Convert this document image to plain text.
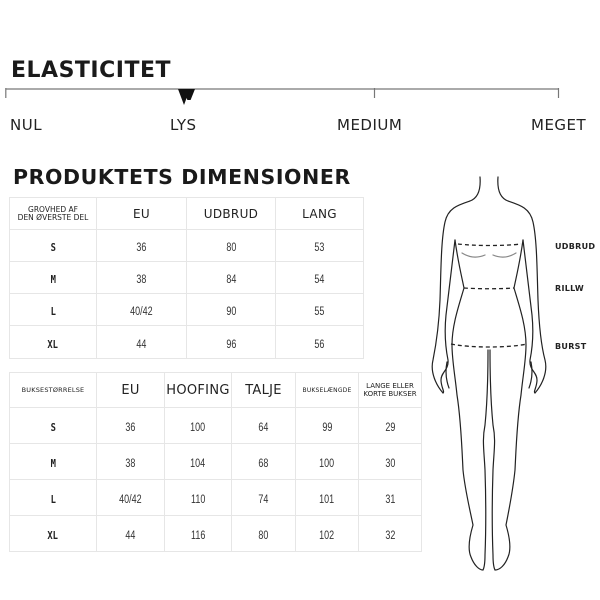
ELASTICITET
NUL	LYS	MEDIUM	MEGET
PRODUKTETS DIMENSIONER
GROVHED AF
DEN ØVERSTE DEL	EU	UDBRUD	LANG
S	36	80	53
M	38	84	54
L	40/42	90	55
XL	44	96	56
BUKSESTØRRELSE	EU	HOOFING	TALJE	BUKSELÆNGDE	LANGE ELLER
KORTE BUKSER

S	36	100	64	99	29
M	38	104	68	100	30
L	40/42	110	74	101	31
XL	44	116	80	102	32
UDBRUD
RILLW
BURST
